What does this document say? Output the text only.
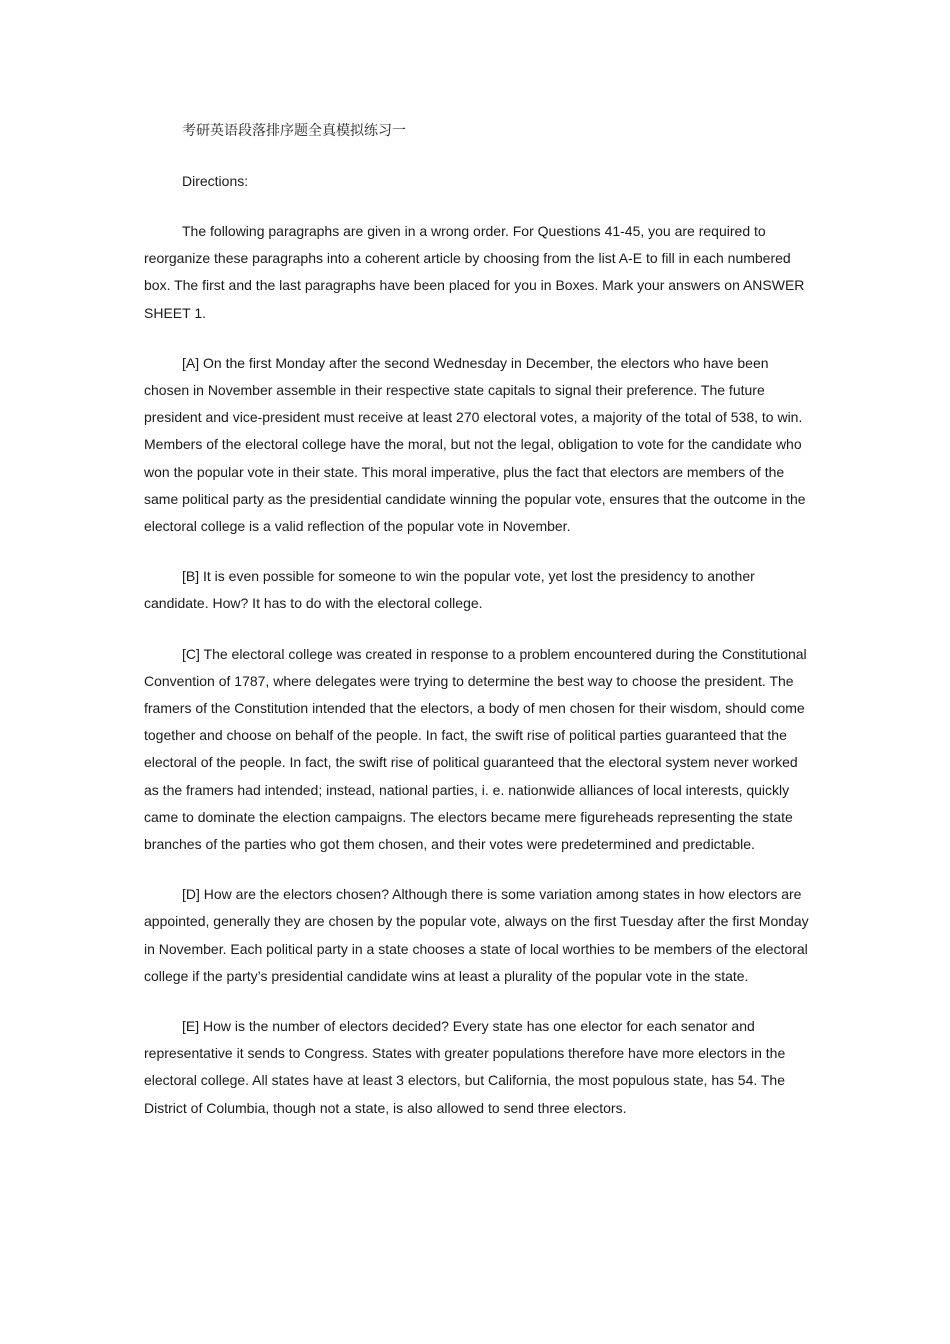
考研英语段落排序题全真模拟练习一

Directions:

The following paragraphs are given in a wrong order. For Questions 41-45, you are required to reorganize these paragraphs into a coherent article by choosing from the list A-E to fill in each numbered box. The first and the last paragraphs have been placed for you in Boxes. Mark your answers on ANSWER SHEET 1.

[A] On the first Monday after the second Wednesday in December, the electors who have been chosen in November assemble in their respective state capitals to signal their preference. The future president and vice-president must receive at least 270 electoral votes, a majority of the total of 538, to win. Members of the electoral college have the moral, but not the legal, obligation to vote for the candidate who won the popular vote in their state. This moral imperative, plus the fact that electors are members of the same political party as the presidential candidate winning the popular vote, ensures that the outcome in the electoral college is a valid reflection of the popular vote in November.

[B] It is even possible for someone to win the popular vote, yet lost the presidency to another candidate. How? It has to do with the electoral college.

[C] The electoral college was created in response to a problem encountered during the Constitutional Convention of 1787, where delegates were trying to determine the best way to choose the president. The framers of the Constitution intended that the electors, a body of men chosen for their wisdom, should come together and choose on behalf of the people. In fact, the swift rise of political parties guaranteed that the electoral of the people. In fact, the swift rise of political guaranteed that the electoral system never worked as the framers had intended; instead, national parties, i. e. nationwide alliances of local interests, quickly came to dominate the election campaigns. The electors became mere figureheads representing the state branches of the parties who got them chosen, and their votes were predetermined and predictable.

[D] How are the electors chosen? Although there is some variation among states in how electors are appointed, generally they are chosen by the popular vote, always on the first Tuesday after the first Monday in November. Each political party in a state chooses a state of local worthies to be members of the electoral college if the party’s presidential candidate wins at least a plurality of the popular vote in the state.

[E] How is the number of electors decided? Every state has one elector for each senator and representative it sends to Congress. States with greater populations therefore have more electors in the electoral college. All states have at least 3 electors, but California, the most populous state, has 54. The District of Columbia, though not a state, is also allowed to send three electors.
